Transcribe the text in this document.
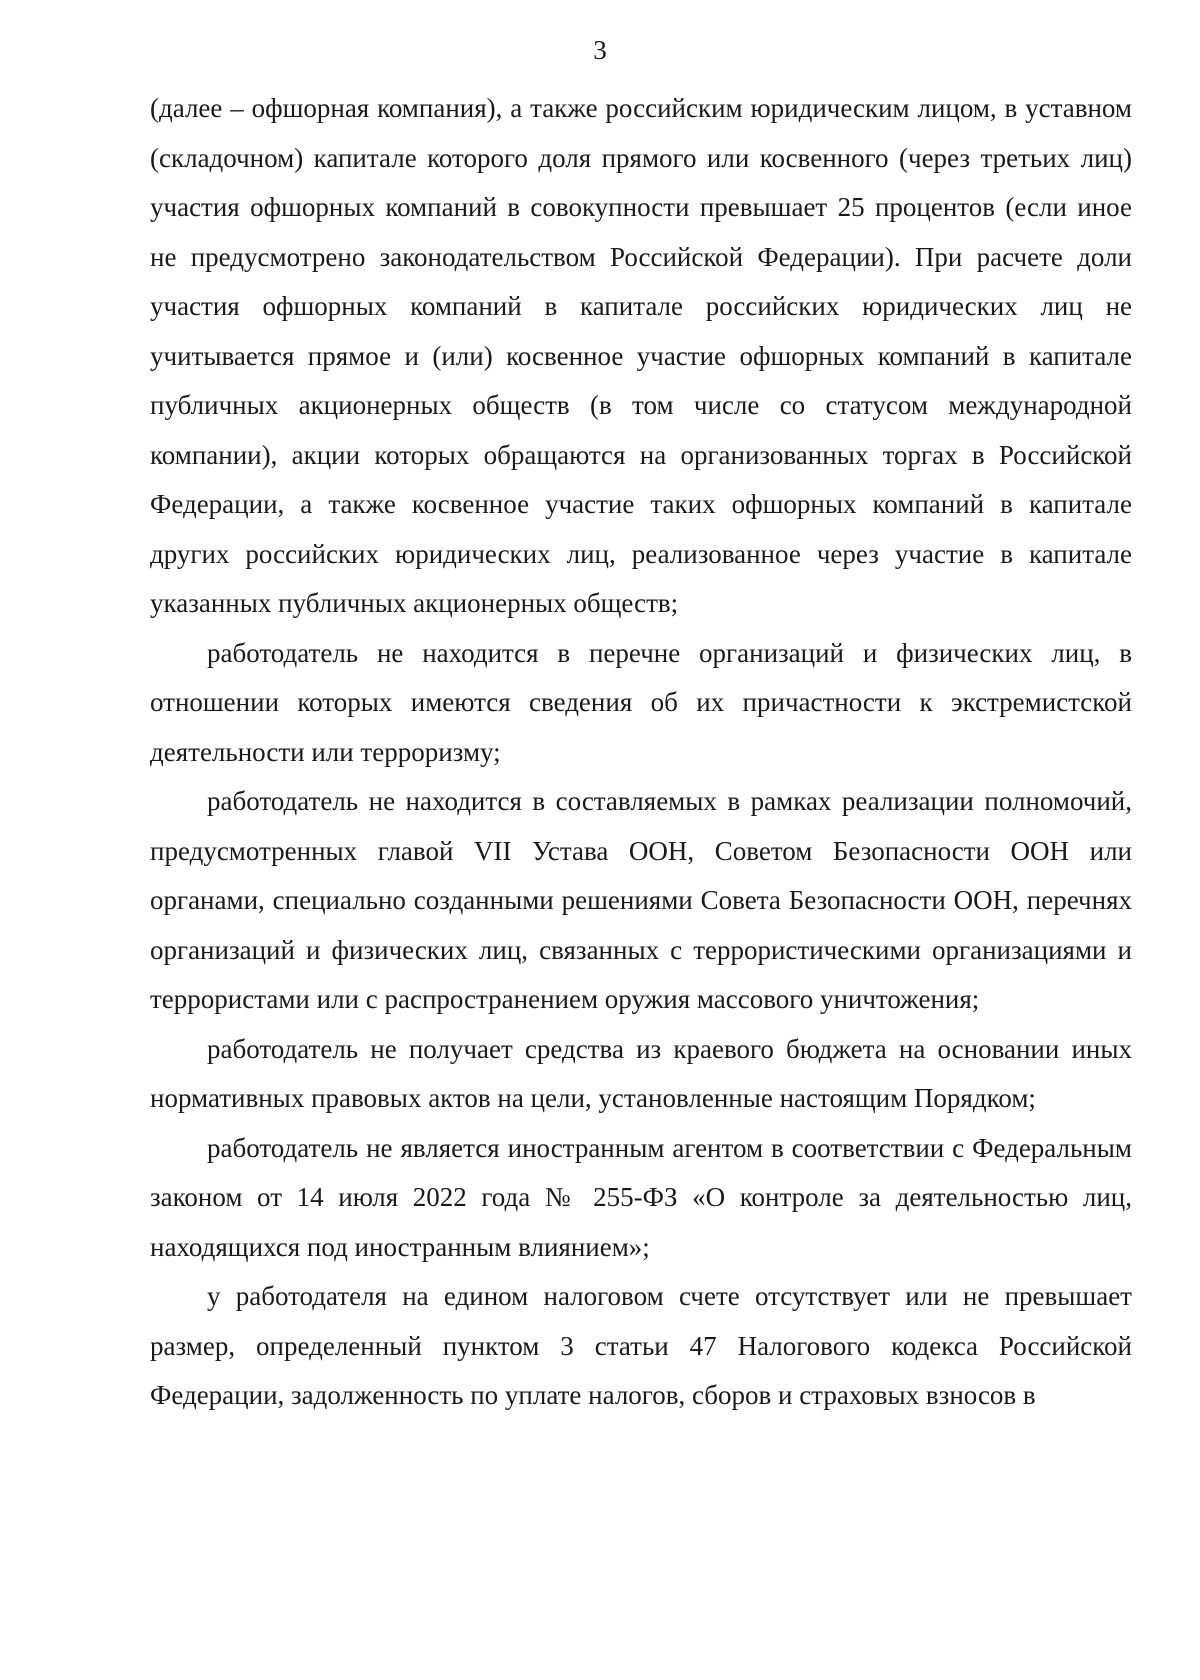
3

(далее – офшорная компания), а также российским юридическим лицом, в уставном (складочном) капитале которого доля прямого или косвенного (через третьих лиц) участия офшорных компаний в совокупности превышает 25 процентов (если иное не предусмотрено законодательством Российской Федерации). При расчете доли участия офшорных компаний в капитале российских юридических лиц не учитывается прямое и (или) косвенное участие офшорных компаний в капитале публичных акционерных обществ (в том числе со статусом международной компании), акции которых обращаются на организованных торгах в Российской Федерации, а также косвенное участие таких офшорных компаний в капитале других российских юридических лиц, реализованное через участие в капитале указанных публичных акционерных обществ;

работодатель не находится в перечне организаций и физических лиц, в отношении которых имеются сведения об их причастности к экстремистской деятельности или терроризму;

работодатель не находится в составляемых в рамках реализации полномочий, предусмотренных главой VII Устава ООН, Советом Безопасности ООН или органами, специально созданными решениями Совета Безопасности ООН, перечнях организаций и физических лиц, связанных с террористическими организациями и террористами или с распространением оружия массового уничтожения;

работодатель не получает средства из краевого бюджета на основании иных нормативных правовых актов на цели, установленные настоящим Порядком;

работодатель не является иностранным агентом в соответствии с Федеральным законом от 14 июля 2022 года № 255-ФЗ «О контроле за деятельностью лиц, находящихся под иностранным влиянием»;

у работодателя на едином налоговом счете отсутствует или не превышает размер, определенный пунктом 3 статьи 47 Налогового кодекса Российской Федерации, задолженность по уплате налогов, сборов и страховых взносов в
